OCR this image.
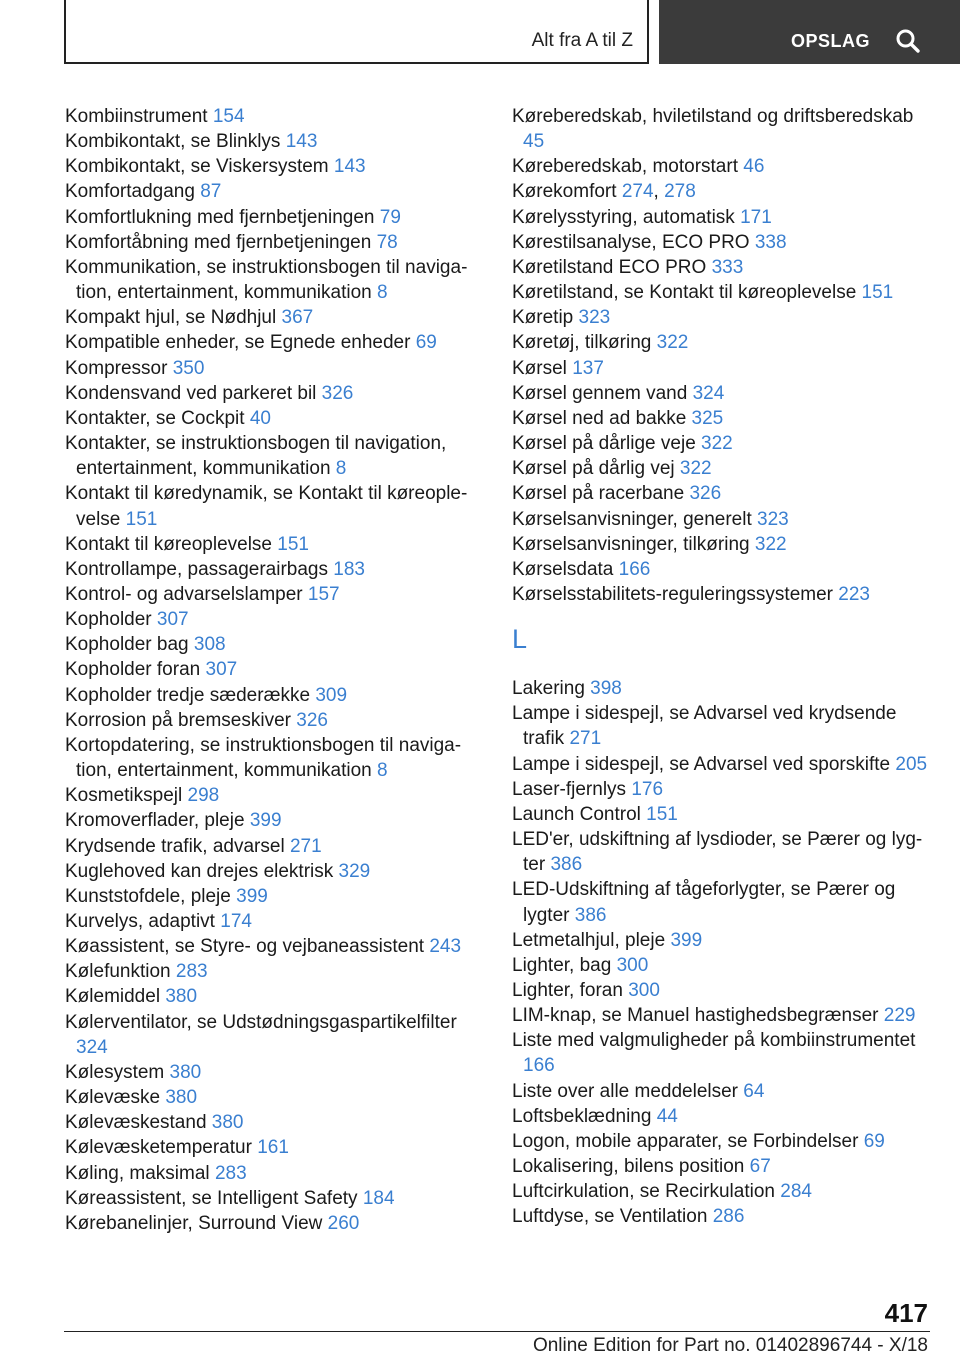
Alt fra A til Z	OPSLAG
Kombiinstrument 154
Kombikontakt, se Blinklys 143
Kombikontakt, se Viskersystem 143
Komfortadgang 87
Komfortlukning med fjernbetjeningen 79
Komfortåbning med fjernbetjeningen 78
Kommunikation, se instruktionsbogen til navigation, entertainment, kommunikation 8
Kompakt hjul, se Nødhjul 367
Kompatible enheder, se Egnede enheder 69
Kompressor 350
Kondensvand ved parkeret bil 326
Kontakter, se Cockpit 40
Kontakter, se instruktionsbogen til navigation, entertainment, kommunikation 8
Kontakt til køredynamik, se Kontakt til køreoplevelse 151
Kontakt til køreoplevelse 151
Kontrollampe, passagerairbags 183
Kontrol- og advarselslamper 157
Kopholder 307
Kopholder bag 308
Kopholder foran 307
Kopholder tredje sæderække 309
Korrosion på bremseskiver 326
Kortopdatering, se instruktionsbogen til navigation, entertainment, kommunikation 8
Kosmetikspejl 298
Kromoverflader, pleje 399
Krydsende trafik, advarsel 271
Kuglehoved kan drejes elektrisk 329
Kunststofdele, pleje 399
Kurvelys, adaptivt 174
Køassistent, se Styre- og vejbaneassistent 243
Kølefunktion 283
Kølemiddel 380
Kølerventilator, se Udstødningsgaspartikelfilter 324
Kølesystem 380
Kølevæske 380
Kølevæskestand 380
Kølevæsketemperatur 161
Køling, maksimal 283
Køreassistent, se Intelligent Safety 184
Kørebanelinjer, Surround View 260
Køreberedskab, hviletilstand og driftsberedskab 45
Køreberedskab, motorstart 46
Kørekomfort 274, 278
Kørelysstyring, automatisk 171
Kørestilsanalyse, ECO PRO 338
Køretilstand ECO PRO 333
Køretilstand, se Kontakt til køreoplevelse 151
Køretip 323
Køretøj, tilkøring 322
Kørsel 137
Kørsel gennem vand 324
Kørsel ned ad bakke 325
Kørsel på dårlige veje 322
Kørsel på dårlig vej 322
Kørsel på racerbane 326
Kørselsanvisninger, generelt 323
Kørselsanvisninger, tilkøring 322
Kørselsdata 166
Kørselsstabilitets-reguleringssystemer 223
L
Lakering 398
Lampe i sidespejl, se Advarsel ved krydsende trafik 271
Lampe i sidespejl, se Advarsel ved sporskifte 205
Laser-fjernlys 176
Launch Control 151
LED'er, udskiftning af lysdioder, se Pærer og lygter 386
LED-Udskiftning af tågeforlygter, se Pærer og lygter 386
Letmetalhjul, pleje 399
Lighter, bag 300
Lighter, foran 300
LIM-knap, se Manuel hastighedsbegrænser 229
Liste med valgmuligheder på kombiinstrumentet 166
Liste over alle meddelelser 64
Loftsbeklædning 44
Logon, mobile apparater, se Forbindelser 69
Lokalisering, bilens position 67
Luftcirkulation, se Recirkulation 284
Luftdyse, se Ventilation 286
417
Online Edition for Part no. 01402896744 - X/18
